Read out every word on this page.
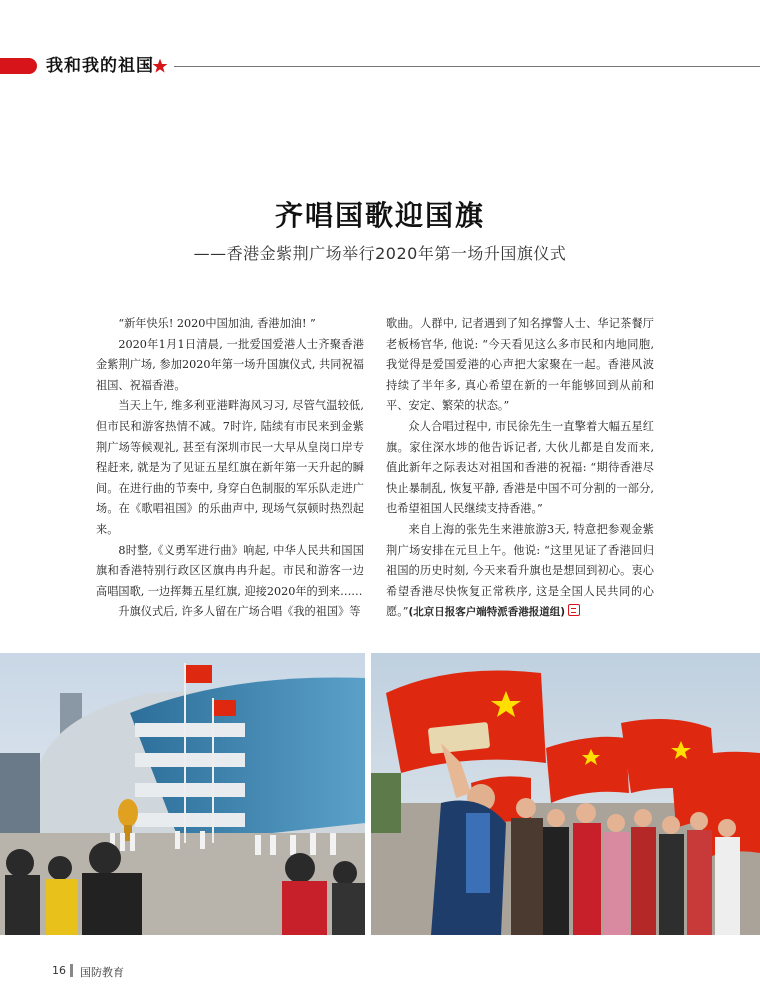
我和我的祖国
齐唱国歌迎国旗
——香港金紫荆广场举行2020年第一场升国旗仪式

“新年快乐! 2020中国加油, 香港加油! ”

2020年1月1日清晨, 一批爱国爱港人士齐聚香港金紫荆广场, 参加2020年第一场升国旗仪式, 共同祝福祖国、祝福香港。

当天上午, 维多利亚港畔海风习习, 尽管气温较低, 但市民和游客热情不减。7时许, 陆续有市民来到金紫荆广场等候观礼, 甚至有深圳市民一大早从皇岗口岸专程赶来, 就是为了见证五星红旗在新年第一天升起的瞬间。在进行曲的节奏中, 身穿白色制服的军乐队走进广场。在《歌唱祖国》的乐曲声中, 现场气氛顿时热烈起来。

8时整,《义勇军进行曲》响起, 中华人民共和国国旗和香港特别行政区区旗冉冉升起。市民和游客一边高唱国歌, 一边挥舞五星红旗, 迎接2020年的到来……

升旗仪式后, 许多人留在广场合唱《我的祖国》等

歌曲。人群中, 记者遇到了知名撑警人士、华记茶餐厅老板杨官华, 他说: “今天看见这么多市民和内地同胞, 我觉得是爱国爱港的心声把大家聚在一起。香港风波持续了半年多, 真心希望在新的一年能够回到从前和平、安定、繁荣的状态。”

众人合唱过程中, 市民徐先生一直擎着大幅五星红旗。家住深水埗的他告诉记者, 大伙儿都是自发而来, 值此新年之际表达对祖国和香港的祝福: “期待香港尽快止暴制乱, 恢复平静, 香港是中国不可分割的一部分, 也希望祖国人民继续支持香港。”

来自上海的张先生来港旅游3天, 特意把参观金紫荆广场安排在元旦上午。他说: “这里见证了香港回归祖国的历史时刻, 今天来看升旗也是想回到初心。衷心希望香港尽快恢复正常秩序, 这是全国人民共同的心愿。”(北京日报客户端特派香港报道组)

16 国防教育
